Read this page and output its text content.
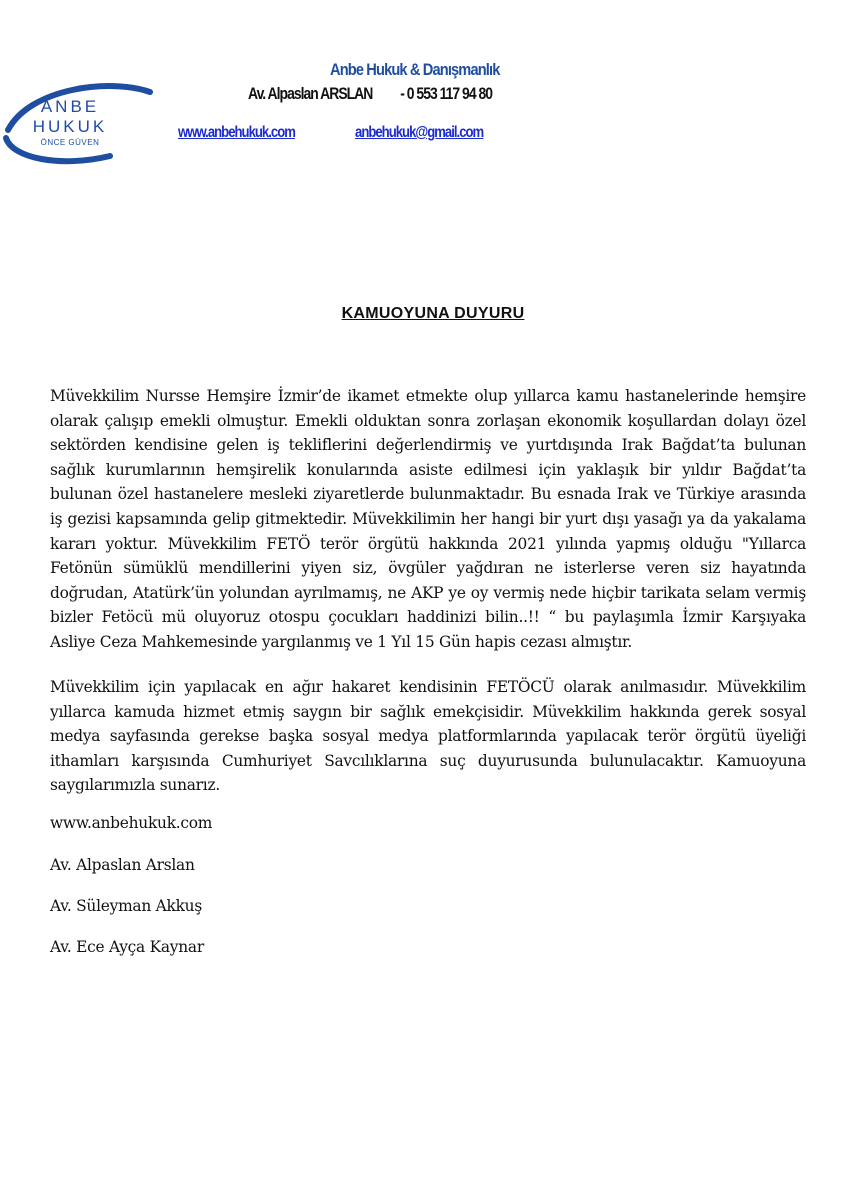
ANBE
HUKUK
ÖNCE GÜVEN
Anbe Hukuk & Danışmanlık
Av. Alpaslan ARSLAN - 0 553 117 94 80
www.anbehukuk.com	anbehukuk@gmail.com
KAMUOYUNA DUYURU
Müvekkilim Nursse Hemşire İzmir’de ikamet etmekte olup yıllarca kamu hastanelerinde hemşire olarak çalışıp emekli olmuştur. Emekli olduktan sonra zorlaşan ekonomik koşullardan dolayı özel sektörden kendisine gelen iş tekliflerini değerlendirmiş ve yurtdışında Irak Bağdat’ta bulunan sağlık kurumlarının hemşirelik konularında asiste edilmesi için yaklaşık bir yıldır Bağdat’ta bulunan özel hastanelere mesleki ziyaretlerde bulunmaktadır. Bu esnada Irak ve Türkiye arasında iş gezisi kapsamında gelip gitmektedir. Müvekkilimin her hangi bir yurt dışı yasağı ya da yakalama kararı yoktur. Müvekkilim FETÖ terör örgütü hakkında 2021 yılında yapmış olduğu "Yıllarca Fetönün sümüklü mendillerini yiyen siz, övgüler yağdıran ne isterlerse veren siz hayatında doğrudan, Atatürk’ün yolundan ayrılmamış, ne AKP ye oy vermiş nede hiçbir tarikata selam vermiş bizler Fetöcü mü oluyoruz otospu çocukları haddinizi bilin..!! “ bu paylaşımla İzmir Karşıyaka Asliye Ceza Mahkemesinde yargılanmış ve 1 Yıl 15 Gün hapis cezası almıştır.
Müvekkilim için yapılacak en ağır hakaret kendisinin FETÖCÜ olarak anılmasıdır. Müvekkilim yıllarca kamuda hizmet etmiş saygın bir sağlık emekçisidir. Müvekkilim hakkında gerek sosyal medya sayfasında gerekse başka sosyal medya platformlarında yapılacak terör örgütü üyeliği ithamları karşısında Cumhuriyet Savcılıklarına suç duyurusunda bulunulacaktır. Kamuoyuna saygılarımızla sunarız.
www.anbehukuk.com
Av. Alpaslan Arslan
Av. Süleyman Akkuş
Av. Ece Ayça Kaynar
